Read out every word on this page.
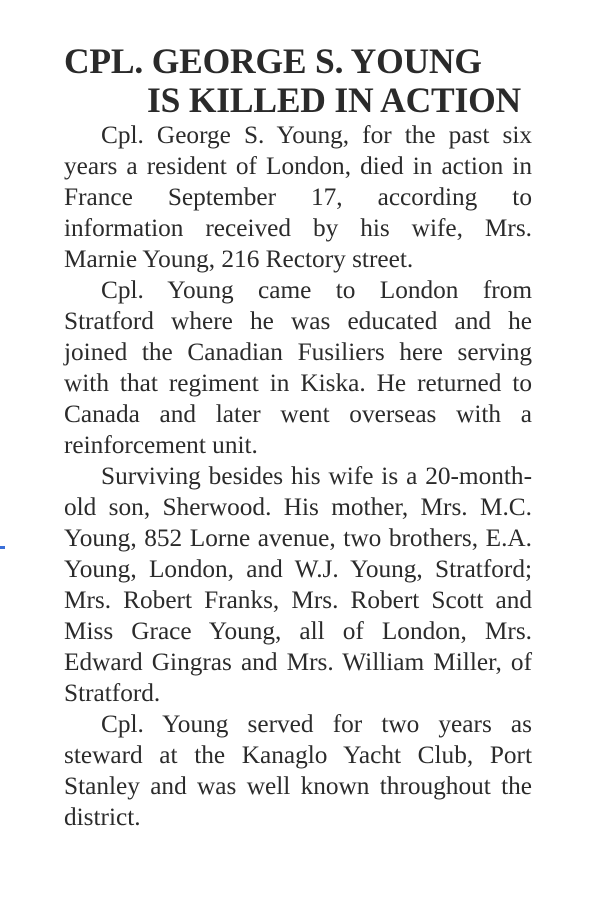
CPL. GEORGE S. YOUNG
IS KILLED IN ACTION

Cpl. George S. Young, for the past six years a resident of London, died in action in France September 17, according to information received by his wife, Mrs. Marnie Young, 216 Rectory street.

Cpl. Young came to London from Stratford where he was educated and he joined the Canadian Fusiliers here serving with that regiment in Kiska. He returned to Canada and later went overseas with a reinforcement unit.

Surviving besides his wife is a 20-month-old son, Sherwood. His mother, Mrs. M.C. Young, 852 Lorne avenue, two brothers, E.A. Young, London, and W.J. Young, Stratford; Mrs. Robert Franks, Mrs. Robert Scott and Miss Grace Young, all of London, Mrs. Edward Gingras and Mrs. William Miller, of Stratford.

Cpl. Young served for two years as steward at the Kanaglo Yacht Club, Port Stanley and was well known throughout the district.
